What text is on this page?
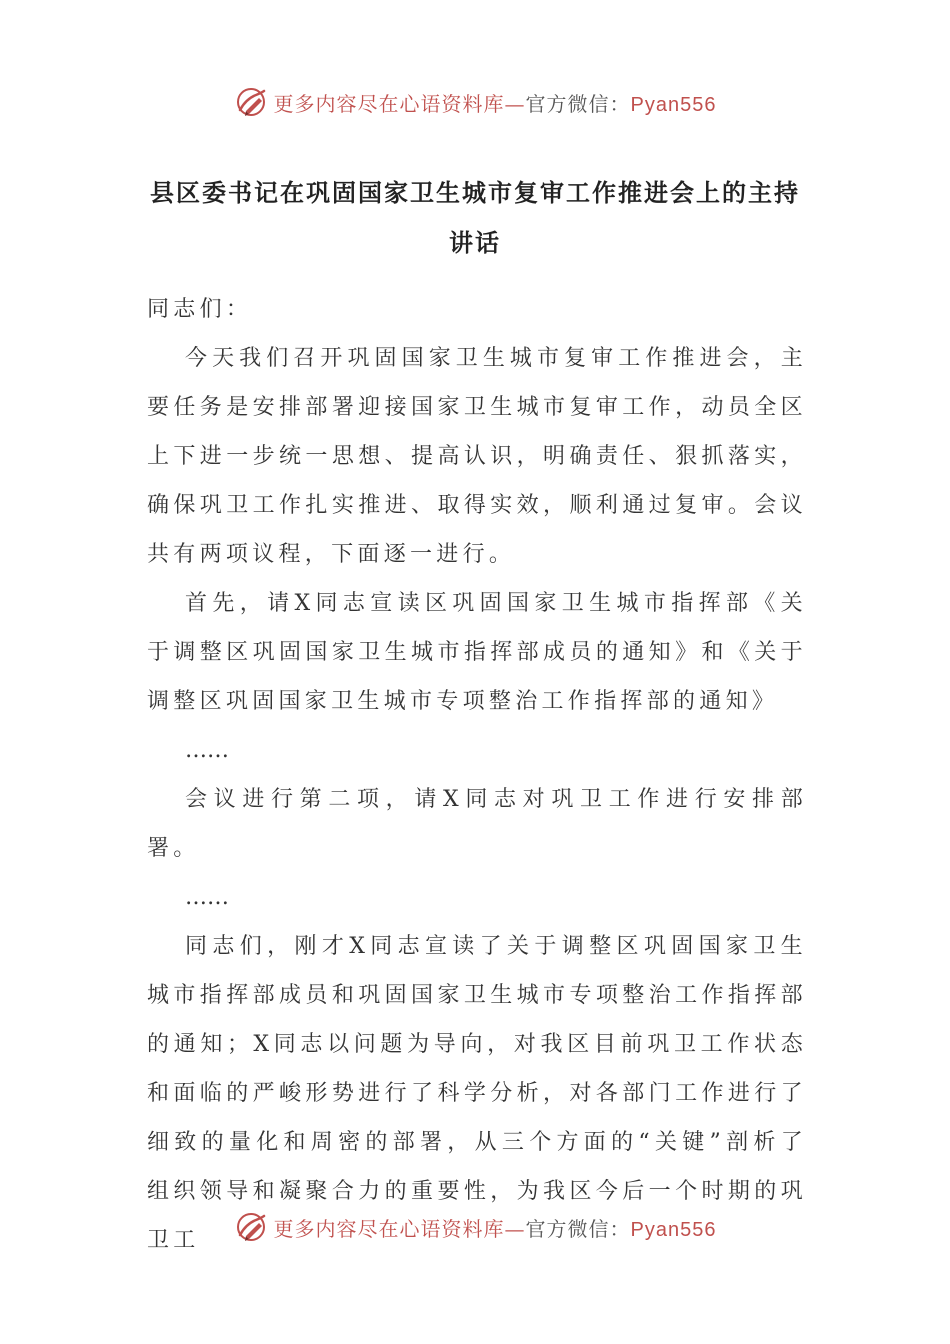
更多内容尽在心语资料库—官方微信：Pyan556
县区委书记在巩固国家卫生城市复审工作推进会上的主持讲话

同志们：

今天我们召开巩固国家卫生城市复审工作推进会，主要任务是安排部署迎接国家卫生城市复审工作，动员全区上下进一步统一思想、提高认识，明确责任、狠抓落实，确保巩卫工作扎实推进、取得实效，顺利通过复审。会议共有两项议程，下面逐一进行。

首先，请X同志宣读区巩固国家卫生城市指挥部《关于调整区巩固国家卫生城市指挥部成员的通知》和《关于调整区巩固国家卫生城市专项整治工作指挥部的通知》

……

会议进行第二项，请X同志对巩卫工作进行安排部署。

……

同志们，刚才X同志宣读了关于调整区巩固国家卫生城市指挥部成员和巩固国家卫生城市专项整治工作指挥部的通知；X同志以问题为导向，对我区目前巩卫工作状态和面临的严峻形势进行了科学分析，对各部门工作进行了细致的量化和周密的部署，从三个方面的“关键”剖析了组织领导和凝聚合力的重要性，为我区今后一个时期的巩卫工	更多内容尽在心语资料库—官方微信：Pyan556
